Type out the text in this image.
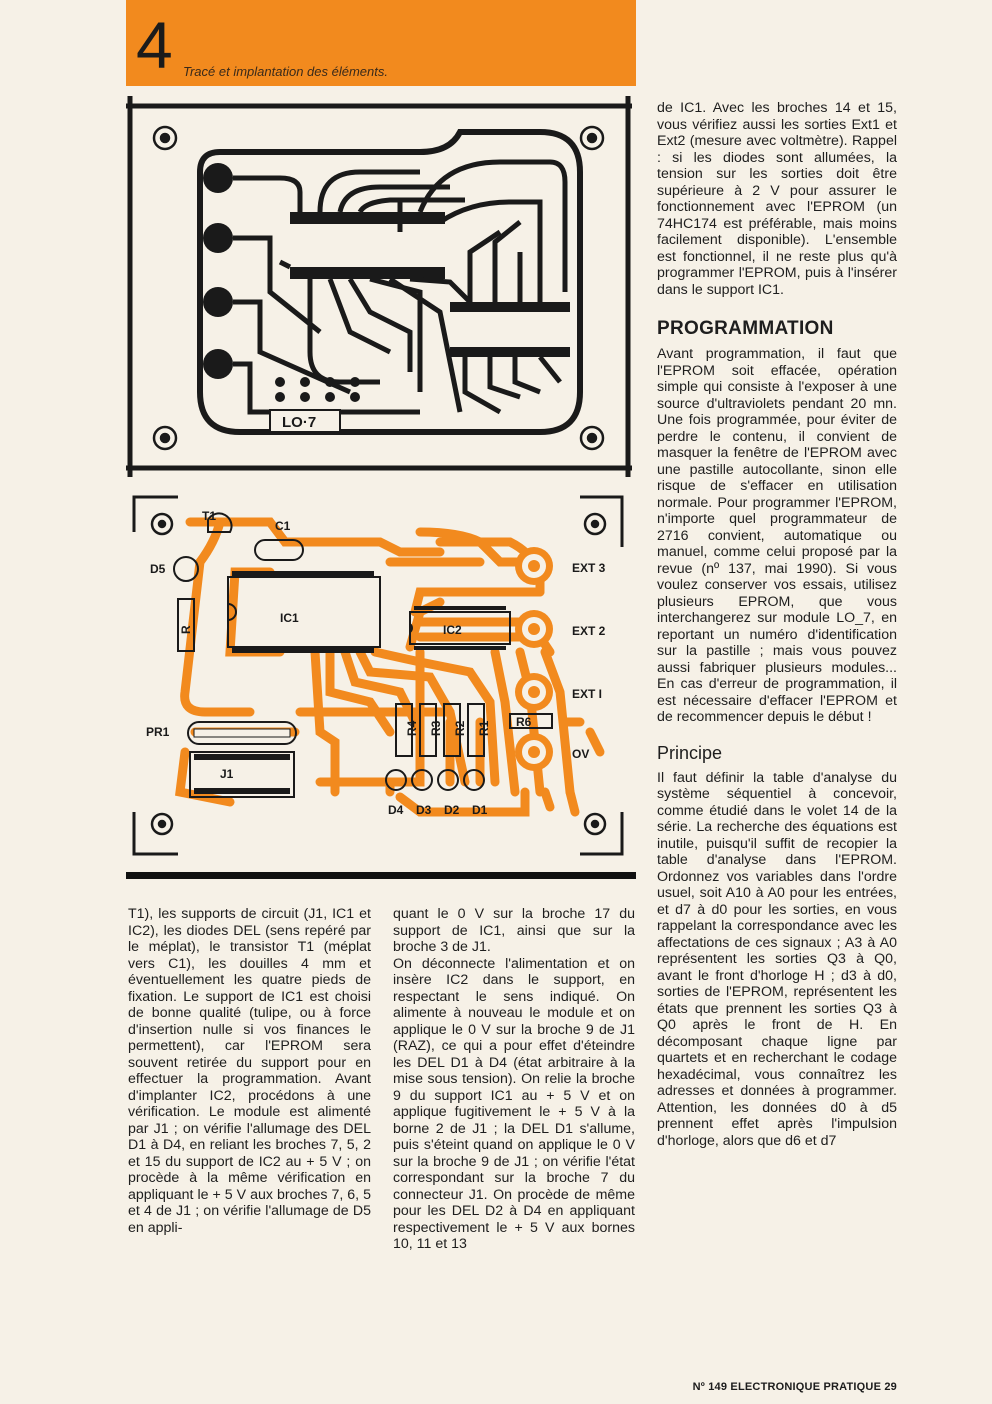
4 Tracé et implantation des éléments.
LO·7
T1
C1
D5
R
IC1
IC2
PR1
J1
R6
R4 R3 R2 R1
D4 D3 D2 D1
EXT 3
EXT 2
EXT I
OV

T1), les supports de circuit (J1, IC1 et IC2), les diodes DEL (sens repéré par le méplat), le transistor T1 (méplat vers C1), les douilles 4 mm et éventuellement les quatre pieds de fixation. Le support de IC1 est choisi de bonne qualité (tulipe, ou à force d'insertion nulle si vos finances le permettent), car l'EPROM sera souvent retirée du support pour en effectuer la programmation. Avant d'implanter IC2, procédons à une vérification. Le module est alimenté par J1 ; on vérifie l'allumage des DEL D1 à D4, en reliant les broches 7, 5, 2 et 15 du support de IC2 au + 5 V ; on procède à la même vérification en appliquant le + 5 V aux broches 7, 6, 5 et 4 de J1 ; on vérifie l'allumage de D5 en appli-

quant le 0 V sur la broche 17 du support de IC1, ainsi que sur la broche 3 de J1.

On déconnecte l'alimentation et on insère IC2 dans le support, en respectant le sens indiqué. On alimente à nouveau le module et on applique le 0 V sur la broche 9 de J1 (RAZ), ce qui a pour effet d'éteindre les DEL D1 à D4 (état arbitraire à la mise sous tension). On relie la broche 9 du support IC1 au + 5 V et on applique fugitivement le + 5 V à la borne 2 de J1 ; la DEL D1 s'allume, puis s'éteint quand on applique le 0 V sur la broche 9 de J1 ; on vérifie l'état correspondant sur la broche 7 du connecteur J1. On procède de même pour les DEL D2 à D4 en appliquant respectivement le + 5 V aux bornes 10, 11 et 13

de IC1. Avec les broches 14 et 15, vous vérifiez aussi les sorties Ext1 et Ext2 (mesure avec voltmètre). Rappel : si les diodes sont allumées, la tension sur les sorties doit être supérieure à 2 V pour assurer le fonctionnement avec l'EPROM (un 74HC174 est préférable, mais moins facilement disponible). L'ensemble est fonctionnel, il ne reste plus qu'à programmer l'EPROM, puis à l'insérer dans le support IC1.

PROGRAMMATION

Avant programmation, il faut que l'EPROM soit effacée, opération simple qui consiste à l'exposer à une source d'ultraviolets pendant 20 mn. Une fois programmée, pour éviter de perdre le contenu, il convient de masquer la fenêtre de l'EPROM avec une pastille autocollante, sinon elle risque de s'effacer en utilisation normale. Pour programmer l'EPROM, n'importe quel programmateur de 2716 convient, automatique ou manuel, comme celui proposé par la revue (nº 137, mai 1990). Si vous voulez conserver vos essais, utilisez plusieurs EPROM, que vous interchangerez sur module LO_7, en reportant un numéro d'identification sur la pastille ; mais vous pouvez aussi fabriquer plusieurs modules... En cas d'erreur de programmation, il est nécessaire d'effacer l'EPROM et de recommencer depuis le début !

Principe

Il faut définir la table d'analyse du système séquentiel à concevoir, comme étudié dans le volet 14 de la série. La recherche des équations est inutile, puisqu'il suffit de recopier la table d'analyse dans l'EPROM. Ordonnez vos variables dans l'ordre usuel, soit A10 à A0 pour les entrées, et d7 à d0 pour les sorties, en vous rappelant la correspondance avec les affectations de ces signaux ; A3 à A0 représentent les sorties Q3 à Q0, avant le front d'horloge H ; d3 à d0, sorties de l'EPROM, représentent les états que prennent les sorties Q3 à Q0 après le front de H. En décomposant chaque ligne par quartets et en recherchant le codage hexadécimal, vous connaîtrez les adresses et données à programmer. Attention, les données d0 à d5 prennent effet après l'impulsion d'horloge, alors que d6 et d7

Nº 149 ELECTRONIQUE PRATIQUE 29
